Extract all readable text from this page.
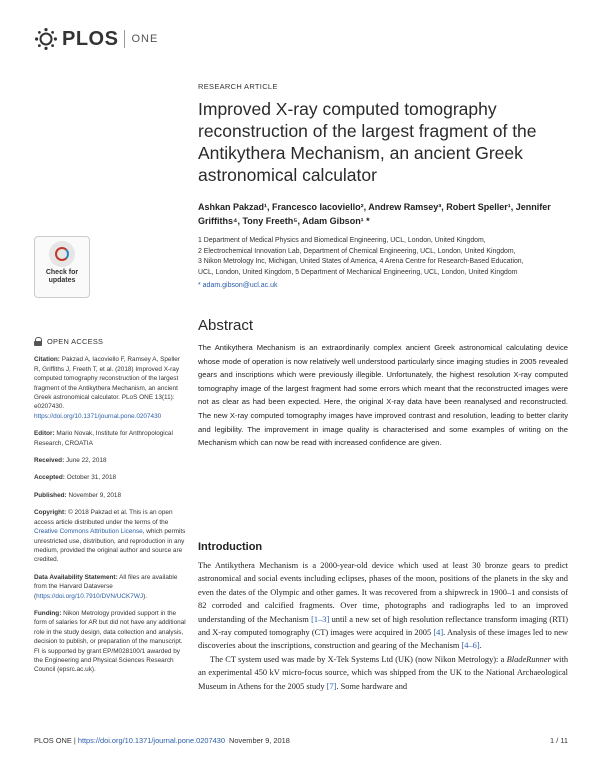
PLOS ONE
RESEARCH ARTICLE
Improved X-ray computed tomography reconstruction of the largest fragment of the Antikythera Mechanism, an ancient Greek astronomical calculator
Ashkan Pakzad¹, Francesco Iacoviello², Andrew Ramsey³, Robert Speller¹, Jennifer Griffiths⁴, Tony Freeth⁵, Adam Gibson¹ *
1 Department of Medical Physics and Biomedical Engineering, UCL, London, United Kingdom,
2 Electrochemical Innovation Lab, Department of Chemical Engineering, UCL, London, United Kingdom,
3 Nikon Metrology Inc, Michigan, United States of America, 4 Arena Centre for Research-Based Education,
UCL, London, United Kingdom, 5 Department of Mechanical Engineering, UCL, London, United Kingdom
* adam.gibson@ucl.ac.uk
Check for
updates
OPEN ACCESS
Citation: Pakzad A, Iacoviello F, Ramsey A, Speller R, Griffiths J, Freeth T, et al. (2018) Improved X-ray computed tomography reconstruction of the largest fragment of the Antikythera Mechanism, an ancient Greek astronomical calculator. PLoS ONE 13(11): e0207430. https://doi.org/10.1371/journal.pone.0207430
Editor: Mario Novak, Institute for Anthropological Research, CROATIA
Received: June 22, 2018
Accepted: October 31, 2018
Published: November 9, 2018
Copyright: © 2018 Pakzad et al. This is an open access article distributed under the terms of the Creative Commons Attribution License, which permits unrestricted use, distribution, and reproduction in any medium, provided the original author and source are credited.
Data Availability Statement: All files are available from the Harvard Dataverse (https://doi.org/10.7910/DVN/UCK7WJ).
Funding: Nikon Metrology provided support in the form of salaries for AR but did not have any additional role in the study design, data collection and analysis, decision to publish, or preparation of the manuscript. FI is supported by grant EP/M028100/1 awarded by the Engineering and Physical Sciences Research Council (epsrc.ac.uk).
Abstract
The Antikythera Mechanism is an extraordinarily complex ancient Greek astronomical calculating device whose mode of operation is now relatively well understood particularly since imaging studies in 2005 revealed gears and inscriptions which were previously illegible. Unfortunately, the highest resolution X-ray computed tomography image of the largest fragment had some errors which meant that the reconstructed images were not as clear as had been expected. Here, the original X-ray data have been reanalysed and reconstructed. The new X-ray computed tomography images have improved contrast and resolution, leading to better clarity and legibility. The improvement in image quality is characterised and some examples of writing on the Mechanism which can now be read with increased confidence are given.
Introduction

The Antikythera Mechanism is a 2000-year-old device which used at least 30 bronze gears to predict astronomical and social events including eclipses, phases of the moon, positions of the planets in the sky and even the dates of the Olympic and other games. It was recovered from a shipwreck in 1900–1 and consists of 82 corroded and calcified fragments. Over time, photographs and radiographs led to an improved understanding of the Mechanism [1–3] until a new set of high resolution reflectance transform imaging (RTI) and X-ray computed tomography (CT) images were acquired in 2005 [4]. Analysis of these images led to new discoveries about the inscriptions, construction and gearing of the Mechanism [4–6].

The CT system used was made by X-Tek Systems Ltd (UK) (now Nikon Metrology): a BladeRunner with an experimental 450 kV micro-focus source, which was shipped from the UK to the National Archaeological Museum in Athens for the 2005 study [7]. Some hardware and

PLOS ONE | https://doi.org/10.1371/journal.pone.0207430 November 9, 2018	1 / 11
